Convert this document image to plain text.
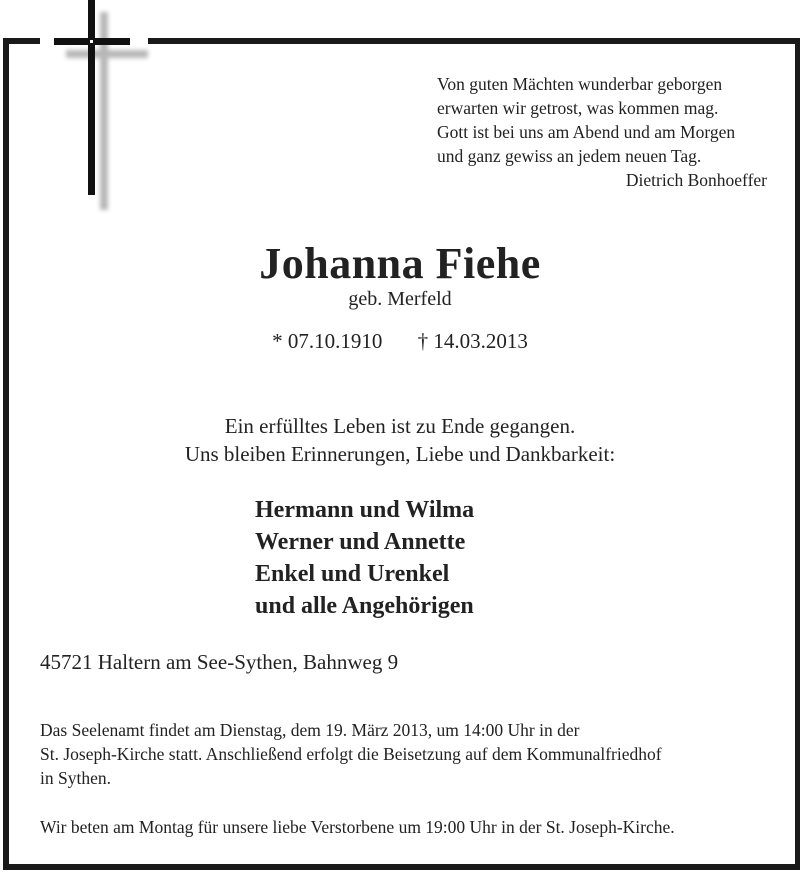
Von guten Mächten wunderbar geborgen
erwarten wir getrost, was kommen mag.
Gott ist bei uns am Abend und am Morgen
und ganz gewiss an jedem neuen Tag.
Dietrich Bonhoeffer
Johanna Fiehe
geb. Merfeld
* 07.10.1910 † 14.03.2013
Ein erfülltes Leben ist zu Ende gegangen.
Uns bleiben Erinnerungen, Liebe und Dankbarkeit:
Hermann und Wilma
Werner und Annette
Enkel und Urenkel
und alle Angehörigen
45721 Haltern am See-Sythen, Bahnweg 9
Das Seelenamt findet am Dienstag, dem 19. März 2013, um 14:00 Uhr in der
St. Joseph-Kirche statt. Anschließend erfolgt die Beisetzung auf dem Kommunalfriedhof
in Sythen.
Wir beten am Montag für unsere liebe Verstorbene um 19:00 Uhr in der St. Joseph-Kirche.
